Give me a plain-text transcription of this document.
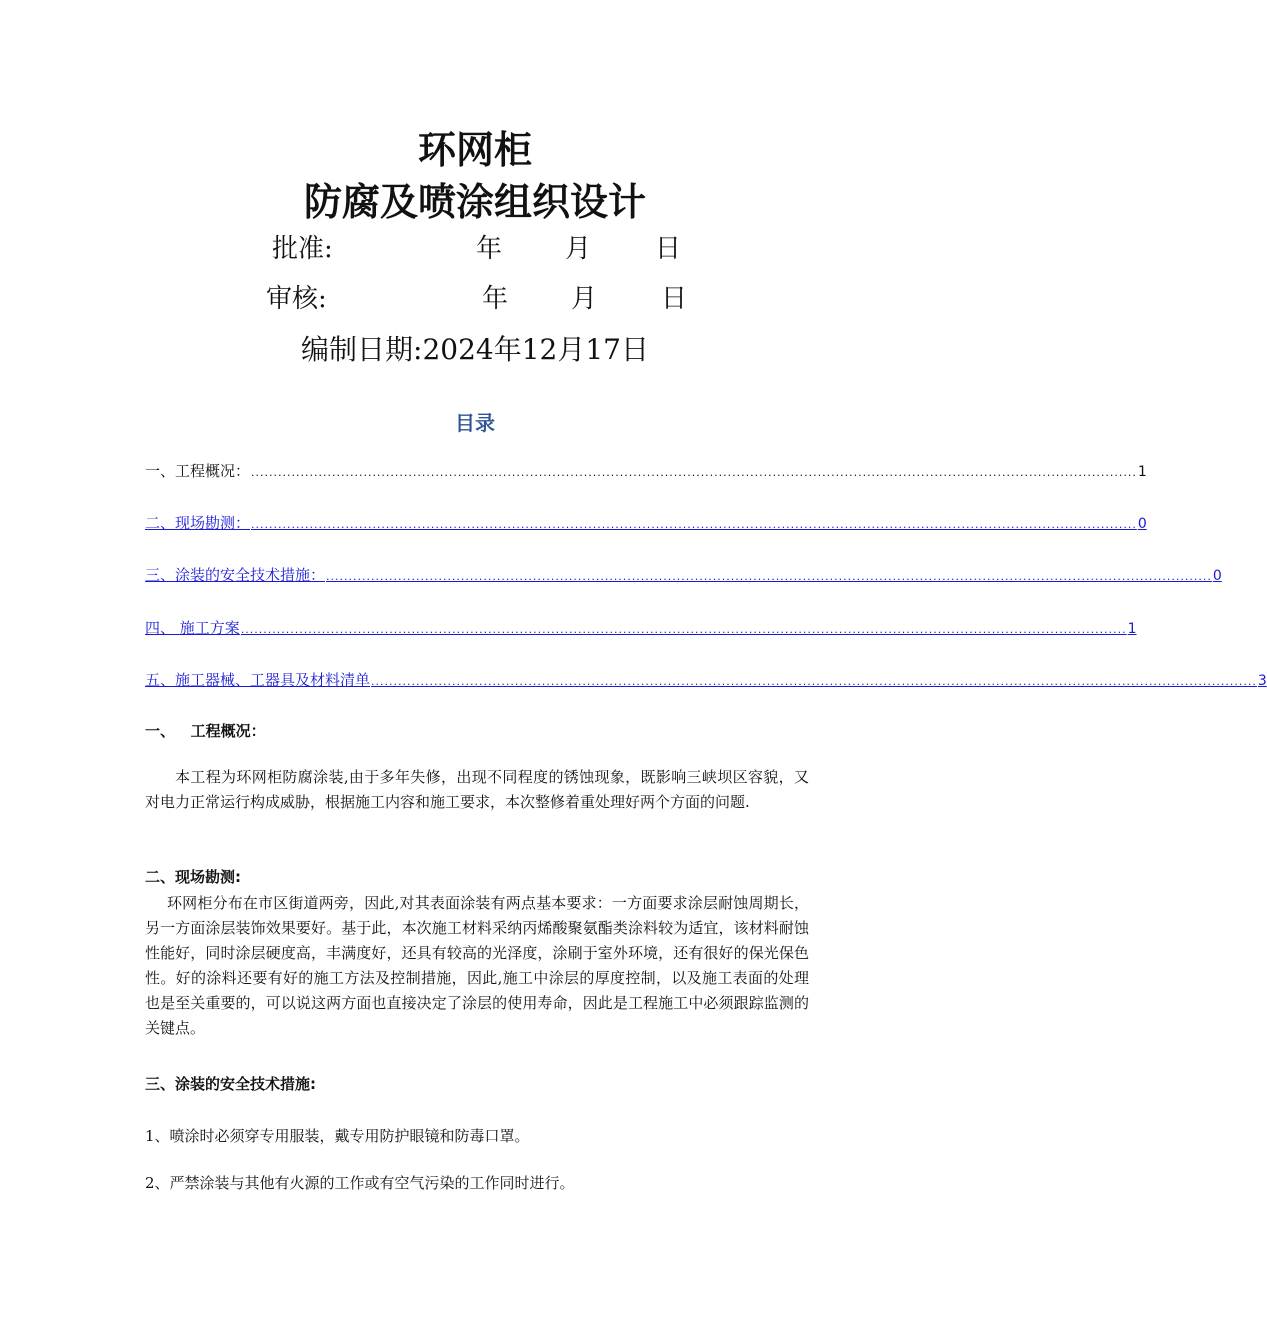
环网柜
防腐及喷涂组织设计
批准:	年 月 日
审核:	年 月 日
编制日期:2024年12月17日
目录
一、 工程概况： ..................................................................................................................................................................................................... 1
二、 现场勘测： ..................................................................................................................................................................................................... 0
三、 涂装的安全技术措施： ..................................................................................................................................................................................................... 0
四、
施工方案 ..................................................................................................................................................................................................... 1
五、 施工器械、工器具及材料清单 ..................................................................................................................................................................................................... 3
一、   工程概况：
本工程为环网柜防腐涂装,由于多年失修，出现不同程度的锈蚀现象，既影响三峡坝区容貌，又对电力正常运行构成威胁，根据施工内容和施工要求，本次整修着重处理好两个方面的问题.
二、现场勘测:
环网柜分布在市区街道两旁，因此,对其表面涂装有两点基本要求：一方面要求涂层耐蚀周期长，另一方面涂层装饰效果要好。基于此，本次施工材料采纳丙烯酸聚氨酯类涂料较为适宜，该材料耐蚀性能好，同时涂层硬度高，丰满度好，还具有较高的光泽度，涂刷于室外环境，还有很好的保光保色性。好的涂料还要有好的施工方法及控制措施，因此,施工中涂层的厚度控制，以及施工表面的处理也是至关重要的，可以说这两方面也直接决定了涂层的使用寿命，因此是工程施工中必须跟踪监测的关键点。
三、涂装的安全技术措施:
1、喷涂时必须穿专用服装，戴专用防护眼镜和防毒口罩。
2、严禁涂装与其他有火源的工作或有空气污染的工作同时进行。
